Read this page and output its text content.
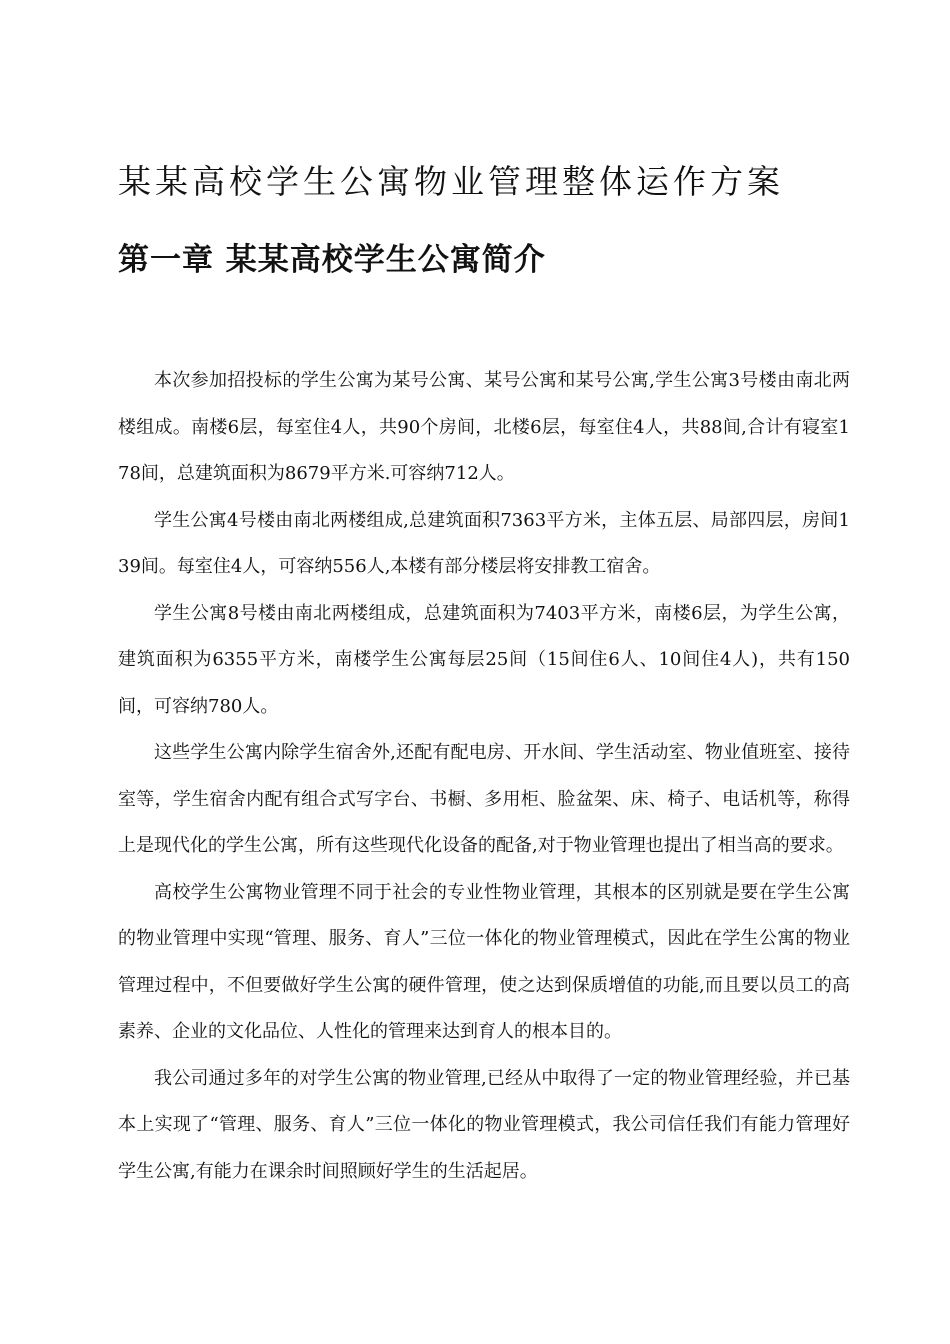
某某高校学生公寓物业管理整体运作方案
第一章 某某高校学生公寓简介

本次参加招投标的学生公寓为某号公寓、某号公寓和某号公寓,学生公寓3号楼由南北两楼组成。南楼6层，每室住4人，共90个房间，北楼6层，每室住4人，共88间,合计有寝室178间，总建筑面积为8679平方米.可容纳712人。

学生公寓4号楼由南北两楼组成,总建筑面积7363平方米，主体五层、局部四层，房间139间。每室住4人，可容纳556人,本楼有部分楼层将安排教工宿舍。

学生公寓8号楼由南北两楼组成，总建筑面积为7403平方米，南楼6层，为学生公寓，建筑面积为6355平方米，南楼学生公寓每层25间（15间住6人、10间住4人)，共有150间，可容纳780人。

这些学生公寓内除学生宿舍外,还配有配电房、开水间、学生活动室、物业值班室、接待室等，学生宿舍内配有组合式写字台、书橱、多用柜、脸盆架、床、椅子、电话机等，称得上是现代化的学生公寓，所有这些现代化设备的配备,对于物业管理也提出了相当高的要求。

高校学生公寓物业管理不同于社会的专业性物业管理，其根本的区别就是要在学生公寓的物业管理中实现“管理、服务、育人”三位一体化的物业管理模式，因此在学生公寓的物业管理过程中，不但要做好学生公寓的硬件管理，使之达到保质增值的功能,而且要以员工的高素养、企业的文化品位、人性化的管理来达到育人的根本目的。

我公司通过多年的对学生公寓的物业管理,已经从中取得了一定的物业管理经验，并已基本上实现了“管理、服务、育人”三位一体化的物业管理模式，我公司信任我们有能力管理好学生公寓,有能力在课余时间照顾好学生的生活起居。
